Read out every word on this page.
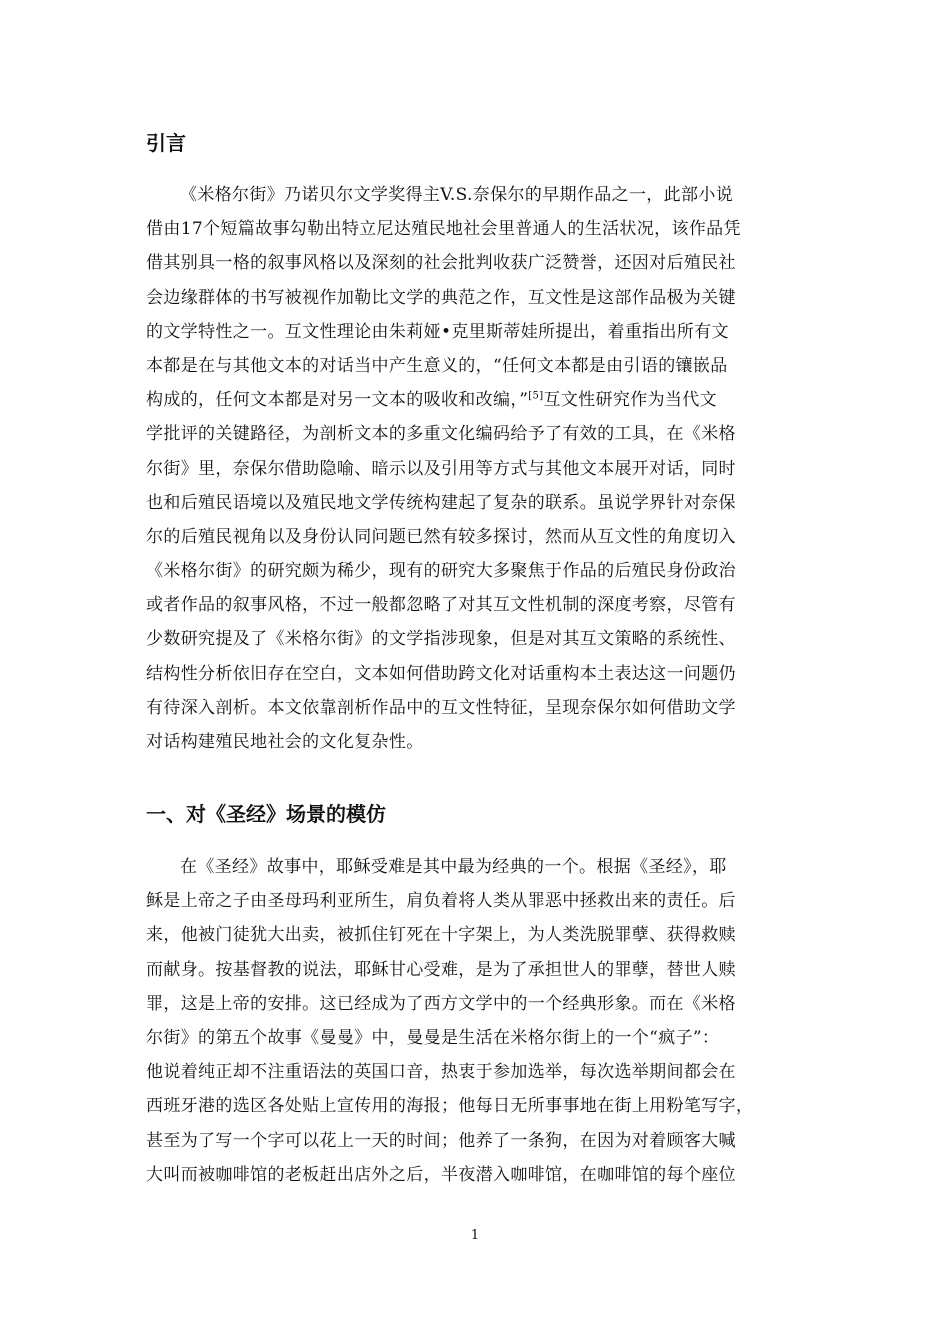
引言
《米格尔街》乃诺贝尔文学奖得主V.S.奈保尔的早期作品之一，此部小说
借由17个短篇故事勾勒出特立尼达殖民地社会里普通人的生活状况，该作品凭
借其别具一格的叙事风格以及深刻的社会批判收获广泛赞誉，还因对后殖民社
会边缘群体的书写被视作加勒比文学的典范之作，互文性是这部作品极为关键
的文学特性之一。互文性理论由朱莉娅•克里斯蒂娃所提出，着重指出所有文
本都是在与其他文本的对话当中产生意义的，“任何文本都是由引语的镶嵌品
构成的，任何文本都是对另一文本的吸收和改编，”[5]互文性研究作为当代文
学批评的关键路径，为剖析文本的多重文化编码给予了有效的工具，在《米格
尔街》里，奈保尔借助隐喻、暗示以及引用等方式与其他文本展开对话，同时
也和后殖民语境以及殖民地文学传统构建起了复杂的联系。虽说学界针对奈保
尔的后殖民视角以及身份认同问题已然有较多探讨，然而从互文性的角度切入
《米格尔街》的研究颇为稀少，现有的研究大多聚焦于作品的后殖民身份政治
或者作品的叙事风格，不过一般都忽略了对其互文性机制的深度考察，尽管有
少数研究提及了《米格尔街》的文学指涉现象，但是对其互文策略的系统性、
结构性分析依旧存在空白，文本如何借助跨文化对话重构本土表达这一问题仍
有待深入剖析。本文依靠剖析作品中的互文性特征，呈现奈保尔如何借助文学
对话构建殖民地社会的文化复杂性。
一、对《圣经》场景的模仿
在《圣经》故事中，耶稣受难是其中最为经典的一个。根据《圣经》，耶
稣是上帝之子由圣母玛利亚所生，肩负着将人类从罪恶中拯救出来的责任。后
来，他被门徒犹大出卖，被抓住钉死在十字架上，为人类洗脱罪孽、获得救赎
而献身。按基督教的说法，耶稣甘心受难，是为了承担世人的罪孽，替世人赎
罪，这是上帝的安排。这已经成为了西方文学中的一个经典形象。而在《米格
尔街》的第五个故事《曼曼》中，曼曼是生活在米格尔街上的一个“疯子”：
他说着纯正却不注重语法的英国口音，热衷于参加选举，每次选举期间都会在
西班牙港的选区各处贴上宣传用的海报；他每日无所事事地在街上用粉笔写字，
甚至为了写一个字可以花上一天的时间；他养了一条狗，在因为对着顾客大喊
大叫而被咖啡馆的老板赶出店外之后，半夜潜入咖啡馆，在咖啡馆的每个座位
1
